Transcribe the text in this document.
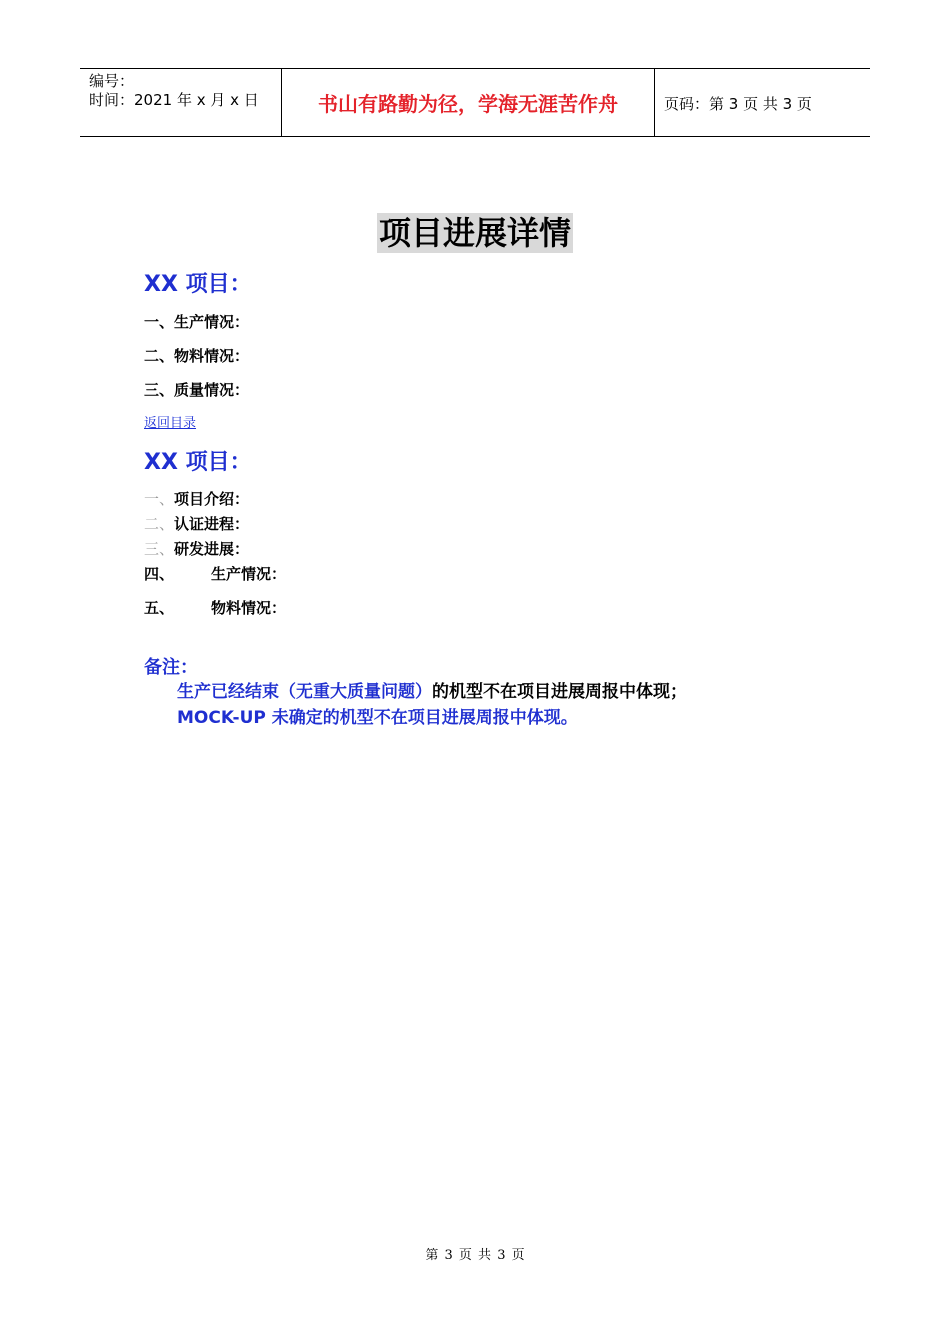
编号：
时间：2021 年 x 月 x 日	书山有路勤为径，学海无涯苦作舟	页码：第 3 页 共 3 页
项目进展详情
XX 项目：
一、生产情况：
二、物料情况：
三、质量情况：
返回目录
XX 项目：
一、项目介绍：
二、认证进程：
三、研发进展：
四、 生产情况：
五、 物料情况：
备注：
生产已经结束（无重大质量问题）的机型不在项目进展周报中体现；
MOCK-UP 未确定的机型不在项目进展周报中体现。
第 3 页 共 3 页
